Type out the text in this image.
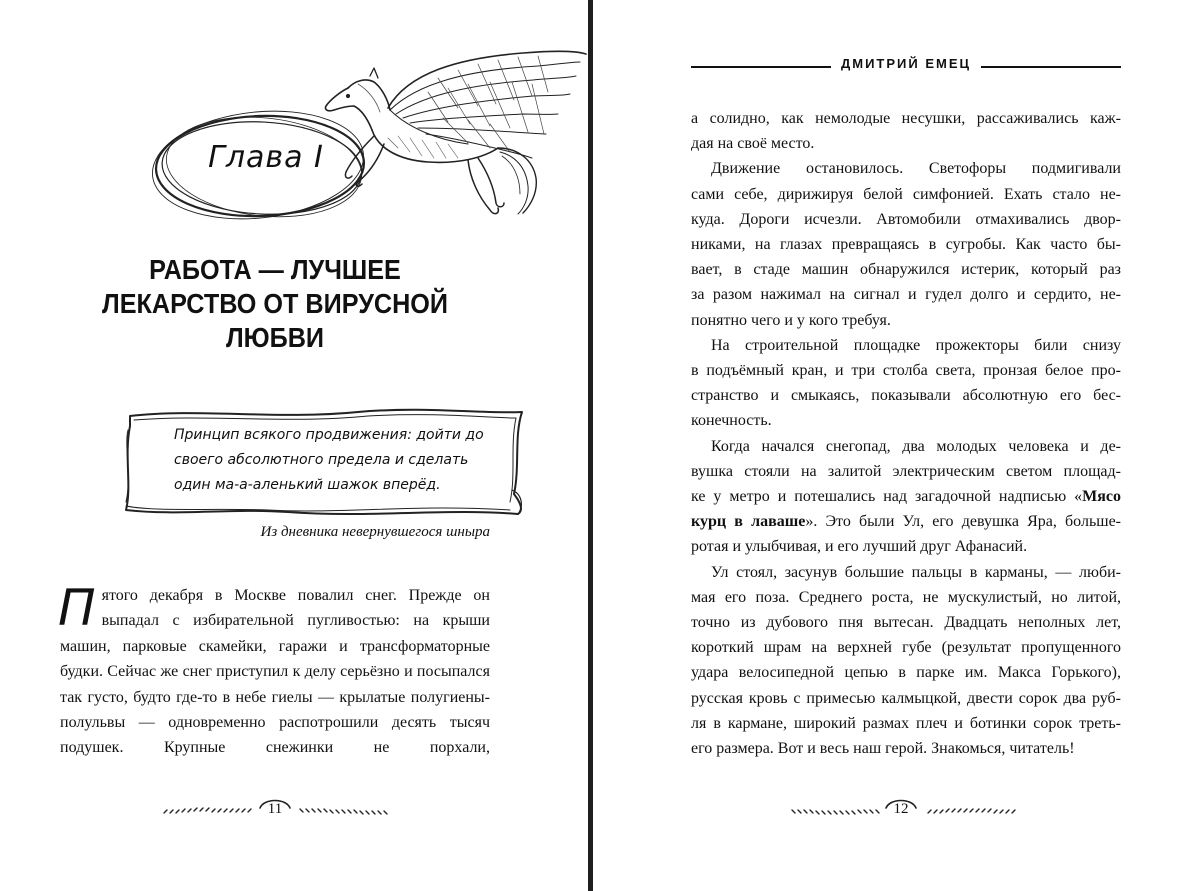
Глава I
РАБОТА — ЛУЧШЕЕ ЛЕКАРСТВО ОТ ВИРУСНОЙ ЛЮБВИ

Принцип всякого продвижения: дойти до своего абсолютного предела и сделать один ма-а-аленький шажок вперёд.

Из дневника невернувшегося шныра

Пятого декабря в Москве повалил снег. Прежде он выпадал с избирательной пугливостью: на крыши машин, парковые скамейки, гаражи и трансформаторные будки. Сейчас же снег приступил к делу серьёзно и посыпался так густо, будто где-то в небе гиелы — крылатые полугиены-полульвы — одновременно распотрошили десять тысяч подушек. Крупные снежинки не порхали,

11
ДМИТРИЙ ЕМЕЦ

а солидно, как немолодые несушки, рассаживались каж-
дая на своё место.

Движение остановилось. Светофоры подмигивали
сами себе, дирижируя белой симфонией. Ехать стало не-
куда. Дороги исчезли. Автомобили отмахивались двор-
никами, на глазах превращаясь в сугробы. Как часто бы-
вает, в стаде машин обнаружился истерик, который раз
за разом нажимал на сигнал и гудел долго и сердито, не-
понятно чего и у кого требуя.

На строительной площадке прожекторы били снизу
в подъёмный кран, и три столба света, пронзая белое про-
странство и смыкаясь, показывали абсолютную его бес-
конечность.

Когда начался снегопад, два молодых человека и де-
вушка стояли на залитой электрическим светом площад-
ке у метро и потешались над загадочной надписью «Мясо
курц в лаваше». Это были Ул, его девушка Яра, больше-
ротая и улыбчивая, и его лучший друг Афанасий.

Ул стоял, засунув большие пальцы в карманы, — люби-
мая его поза. Среднего роста, не мускулистый, но литой,
точно из дубового пня вытесан. Двадцать неполных лет,
короткий шрам на верхней губе (результат пропущенного
удара велосипедной цепью в парке им. Макса Горького),
русская кровь с примесью калмыцкой, двести сорок два руб-
ля в кармане, широкий размах плеч и ботинки сорок треть-
его размера. Вот и весь наш герой. Знакомься, читатель!

12
